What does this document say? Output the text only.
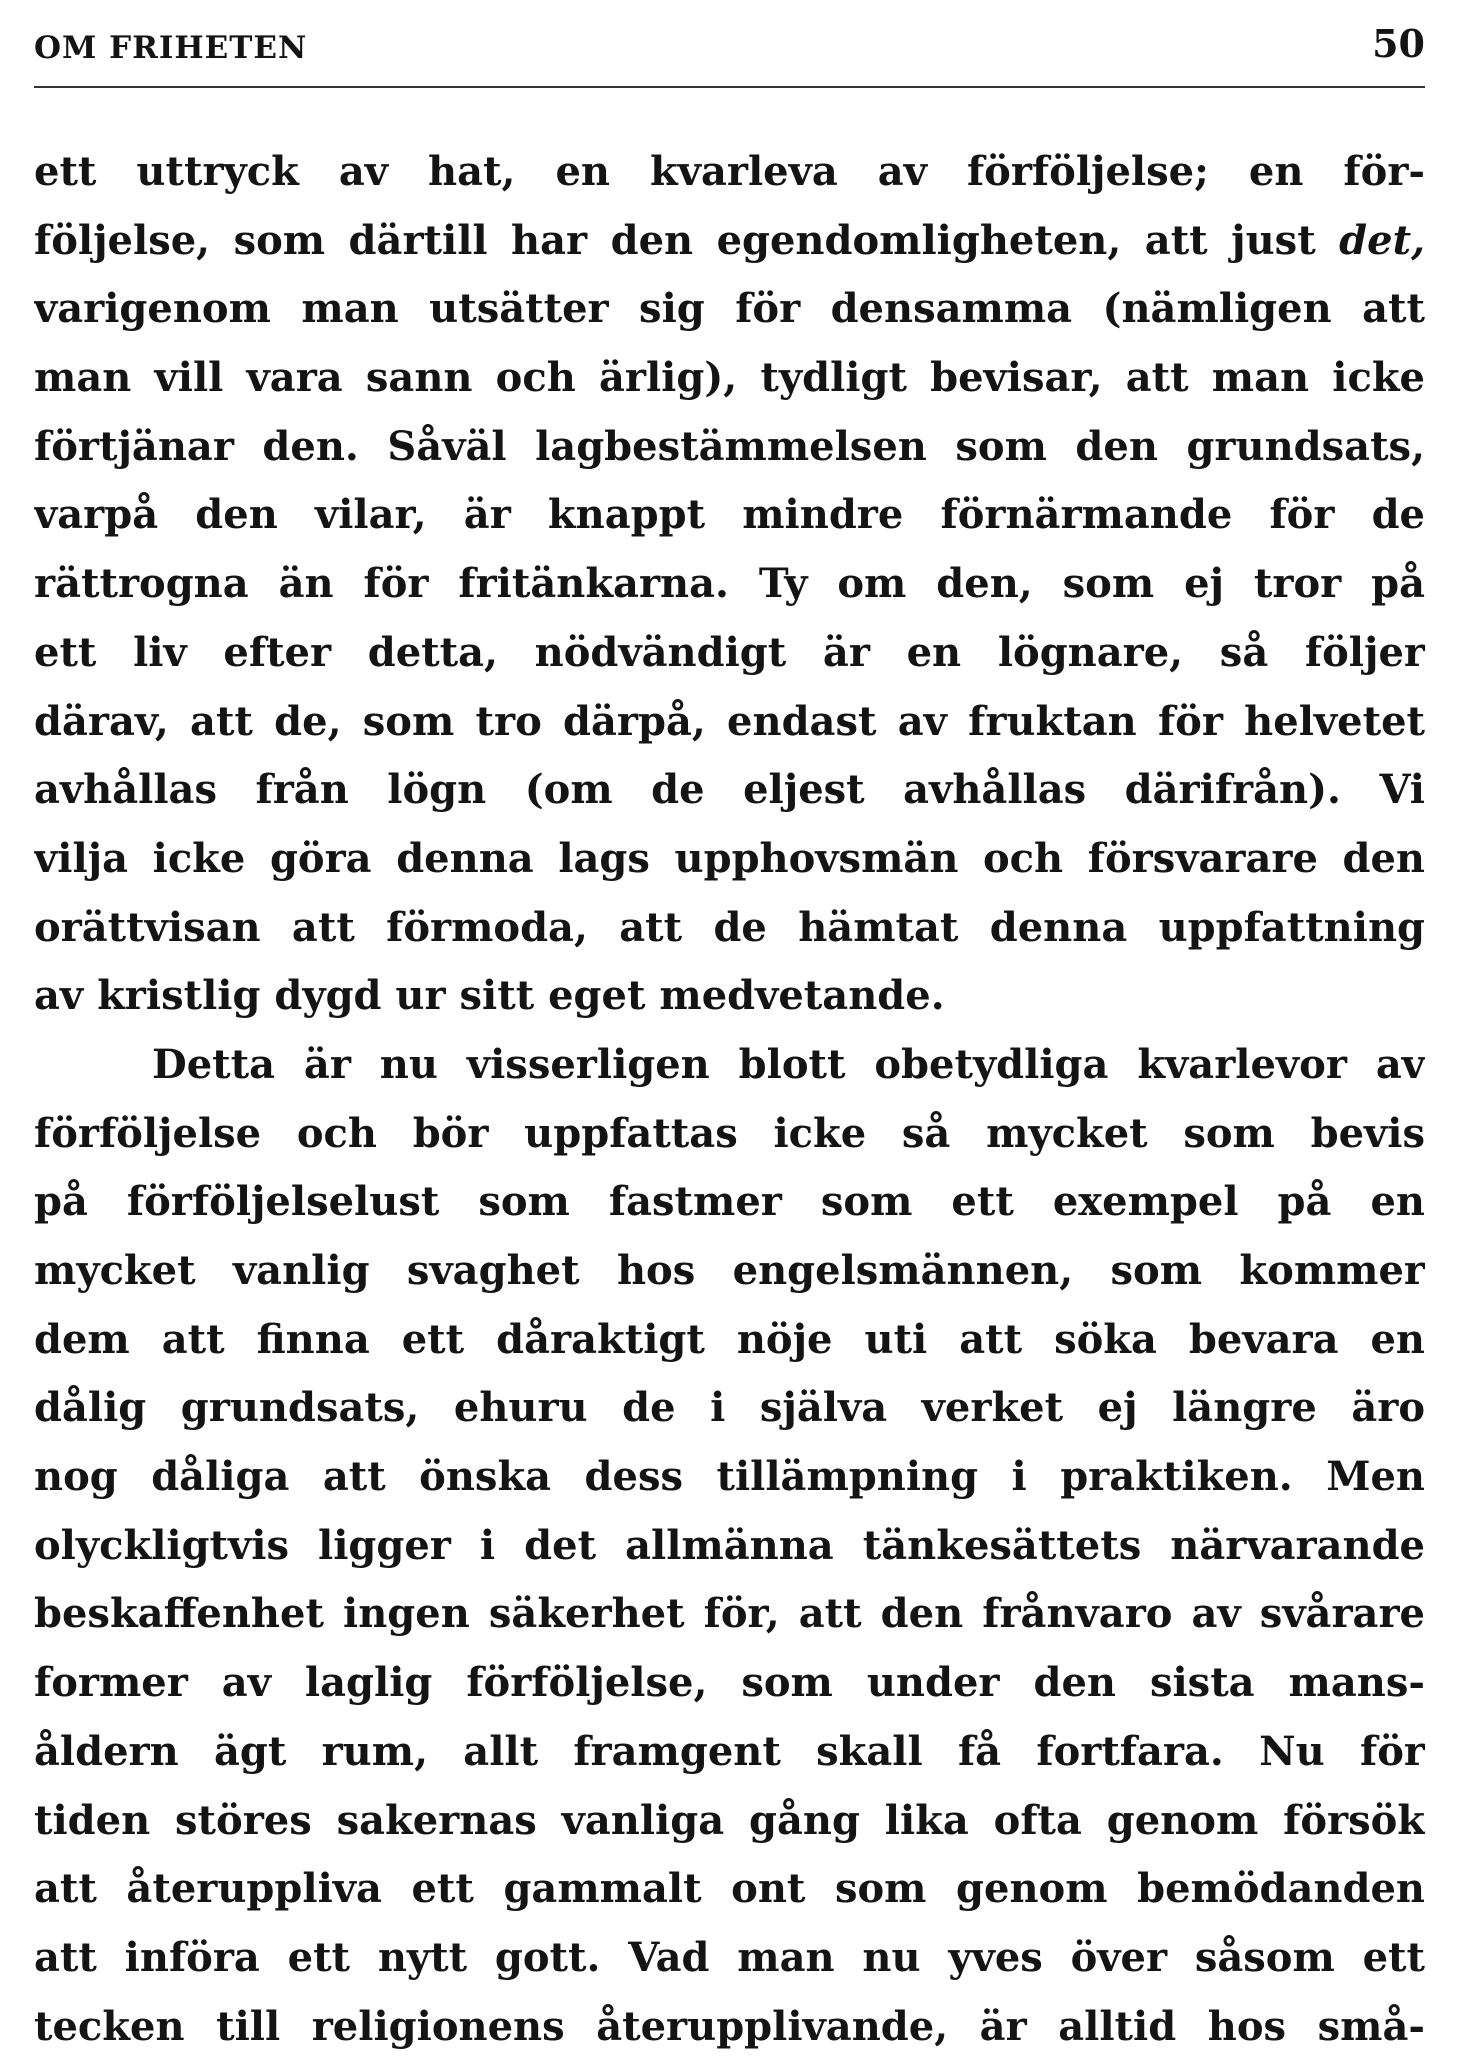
OM FRIHETEN	50
ett uttryck av hat, en kvarleva av förföljelse; en för-
följelse, som därtill har den egendomligheten, att just det,
varigenom man utsätter sig för densamma (nämligen att
man vill vara sann och ärlig), tydligt bevisar, att man icke
förtjänar den. Såväl lagbestämmelsen som den grundsats,
varpå den vilar, är knappt mindre förnärmande för de
rättrogna än för fritänkarna. Ty om den, som ej tror på
ett liv efter detta, nödvändigt är en lögnare, så följer
därav, att de, som tro därpå, endast av fruktan för helvetet
avhållas från lögn (om de eljest avhållas därifrån). Vi
vilja icke göra denna lags upphovsmän och försvarare den
orättvisan att förmoda, att de hämtat denna uppfattning
av kristlig dygd ur sitt eget medvetande.
Detta är nu visserligen blott obetydliga kvarlevor av
förföljelse och bör uppfattas icke så mycket som bevis
på förföljelselust som fastmer som ett exempel på en
mycket vanlig svaghet hos engelsmännen, som kommer
dem att finna ett dåraktigt nöje uti att söka bevara en
dålig grundsats, ehuru de i själva verket ej längre äro
nog dåliga att önska dess tillämpning i praktiken. Men
olyckligtvis ligger i det allmänna tänkesättets närvarande
beskaffenhet ingen säkerhet för, att den frånvaro av svårare
former av laglig förföljelse, som under den sista mans-
åldern ägt rum, allt framgent skall få fortfara. Nu för
tiden störes sakernas vanliga gång lika ofta genom försök
att återuppliva ett gammalt ont som genom bemödanden
att införa ett nytt gott. Vad man nu yves över såsom ett
tecken till religionens återupplivande, är alltid hos små-
